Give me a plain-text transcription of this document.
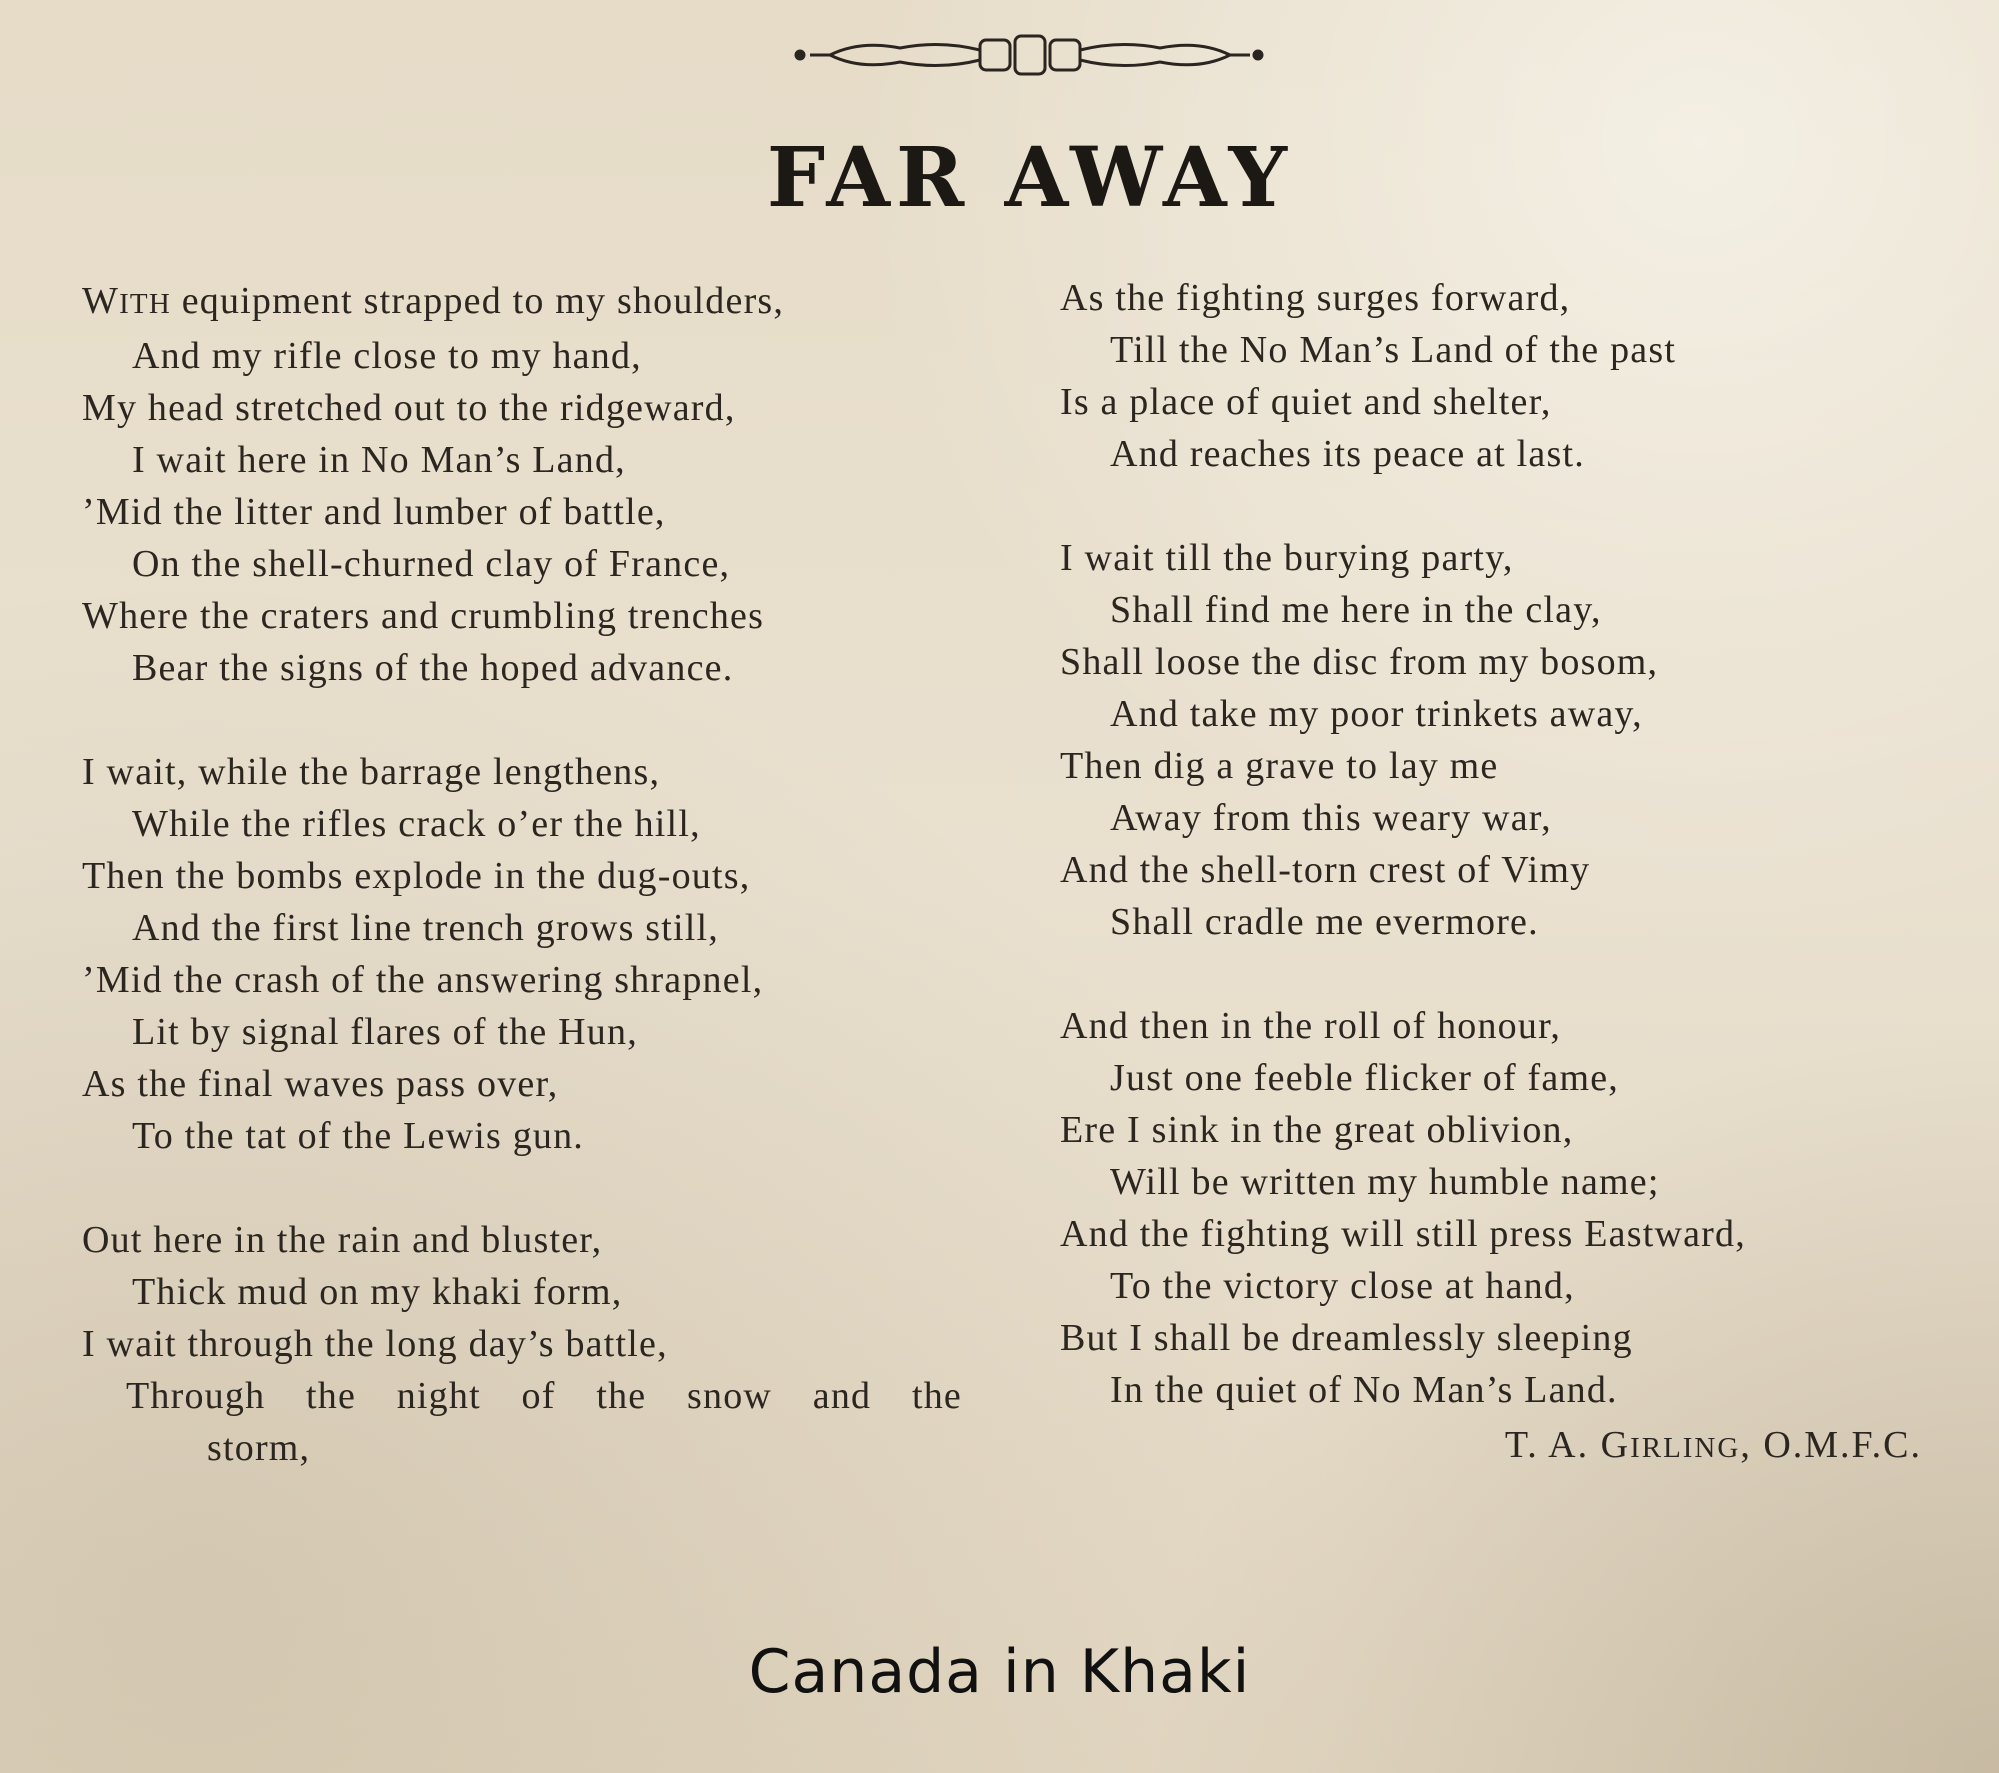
FAR AWAY
WITH equipment strapped to my shoulders,
And my rifle close to my hand,
My head stretched out to the ridgeward,
I wait here in No Man’s Land,
’Mid the litter and lumber of battle,
On the shell-churned clay of France,
Where the craters and crumbling trenches
Bear the signs of the hoped advance.
I wait, while the barrage lengthens,
While the rifles crack o’er the hill,
Then the bombs explode in the dug-outs,
And the first line trench grows still,
’Mid the crash of the answering shrapnel,
Lit by signal flares of the Hun,
As the final waves pass over,
To the tat of the Lewis gun.
Out here in the rain and bluster,
Thick mud on my khaki form,
I wait through the long day’s battle,
Through the night of the snow and the
storm,
As the fighting surges forward,
Till the No Man’s Land of the past
Is a place of quiet and shelter,
And reaches its peace at last.
I wait till the burying party,
Shall find me here in the clay,
Shall loose the disc from my bosom,
And take my poor trinkets away,
Then dig a grave to lay me
Away from this weary war,
And the shell-torn crest of Vimy
Shall cradle me evermore.
And then in the roll of honour,
Just one feeble flicker of fame,
Ere I sink in the great oblivion,
Will be written my humble name;
And the fighting will still press Eastward,
To the victory close at hand,
But I shall be dreamlessly sleeping
In the quiet of No Man’s Land.
T. A. GIRLING, O.M.F.C.
Canada in Khaki
